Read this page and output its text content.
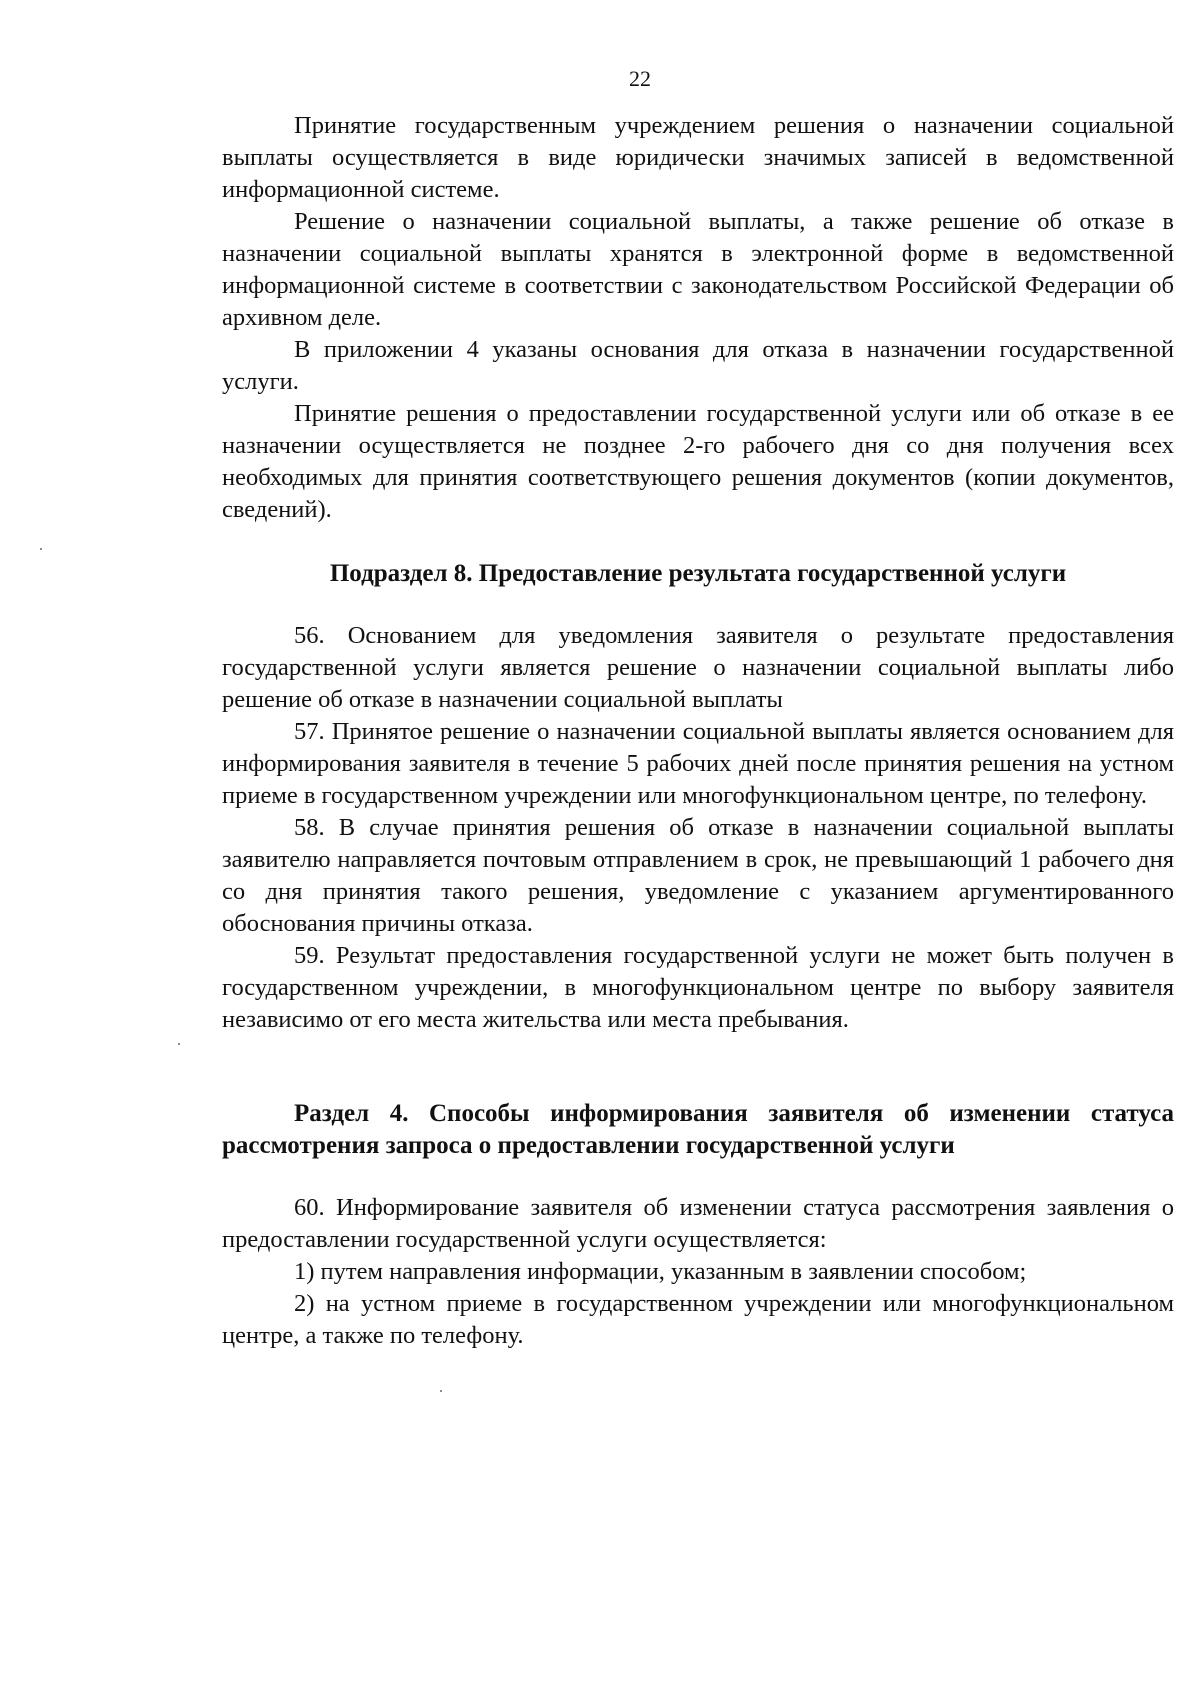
22

Принятие государственным учреждением решения о назначении социальной выплаты осуществляется в виде юридически значимых записей в ведомственной информационной системе.

Решение о назначении социальной выплаты, а также решение об отказе в назначении социальной выплаты хранятся в электронной форме в ведомственной информационной системе в соответствии с законодательством Российской Федерации об архивном деле.

В приложении 4 указаны основания для отказа в назначении государственной услуги.

Принятие решения о предоставлении государственной услуги или об отказе в ее назначении осуществляется не позднее 2-го рабочего дня со дня получения всех необходимых для принятия соответствующего решения документов (копии документов, сведений).

Подраздел 8. Предоставление результата государственной услуги

56. Основанием для уведомления заявителя о результате предоставления государственной услуги является решение о назначении социальной выплаты либо решение об отказе в назначении социальной выплаты

57. Принятое решение о назначении социальной выплаты является основанием для информирования заявителя в течение 5 рабочих дней после принятия решения на устном приеме в государственном учреждении или многофункциональном центре, по телефону.

58. В случае принятия решения об отказе в назначении социальной выплаты заявителю направляется почтовым отправлением в срок, не превышающий 1 рабочего дня со дня принятия такого решения, уведомление с указанием аргументированного обоснования причины отказа.

59. Результат предоставления государственной услуги не может быть получен в государственном учреждении, в многофункциональном центре по выбору заявителя независимо от его места жительства или места пребывания.

Раздел 4. Способы информирования заявителя об изменении статуса рассмотрения запроса о предоставлении государственной услуги

60. Информирование заявителя об изменении статуса рассмотрения заявления о предоставлении государственной услуги осуществляется:

1) путем направления информации, указанным в заявлении способом;

2) на устном приеме в государственном учреждении или многофункциональном центре, а также по телефону.
